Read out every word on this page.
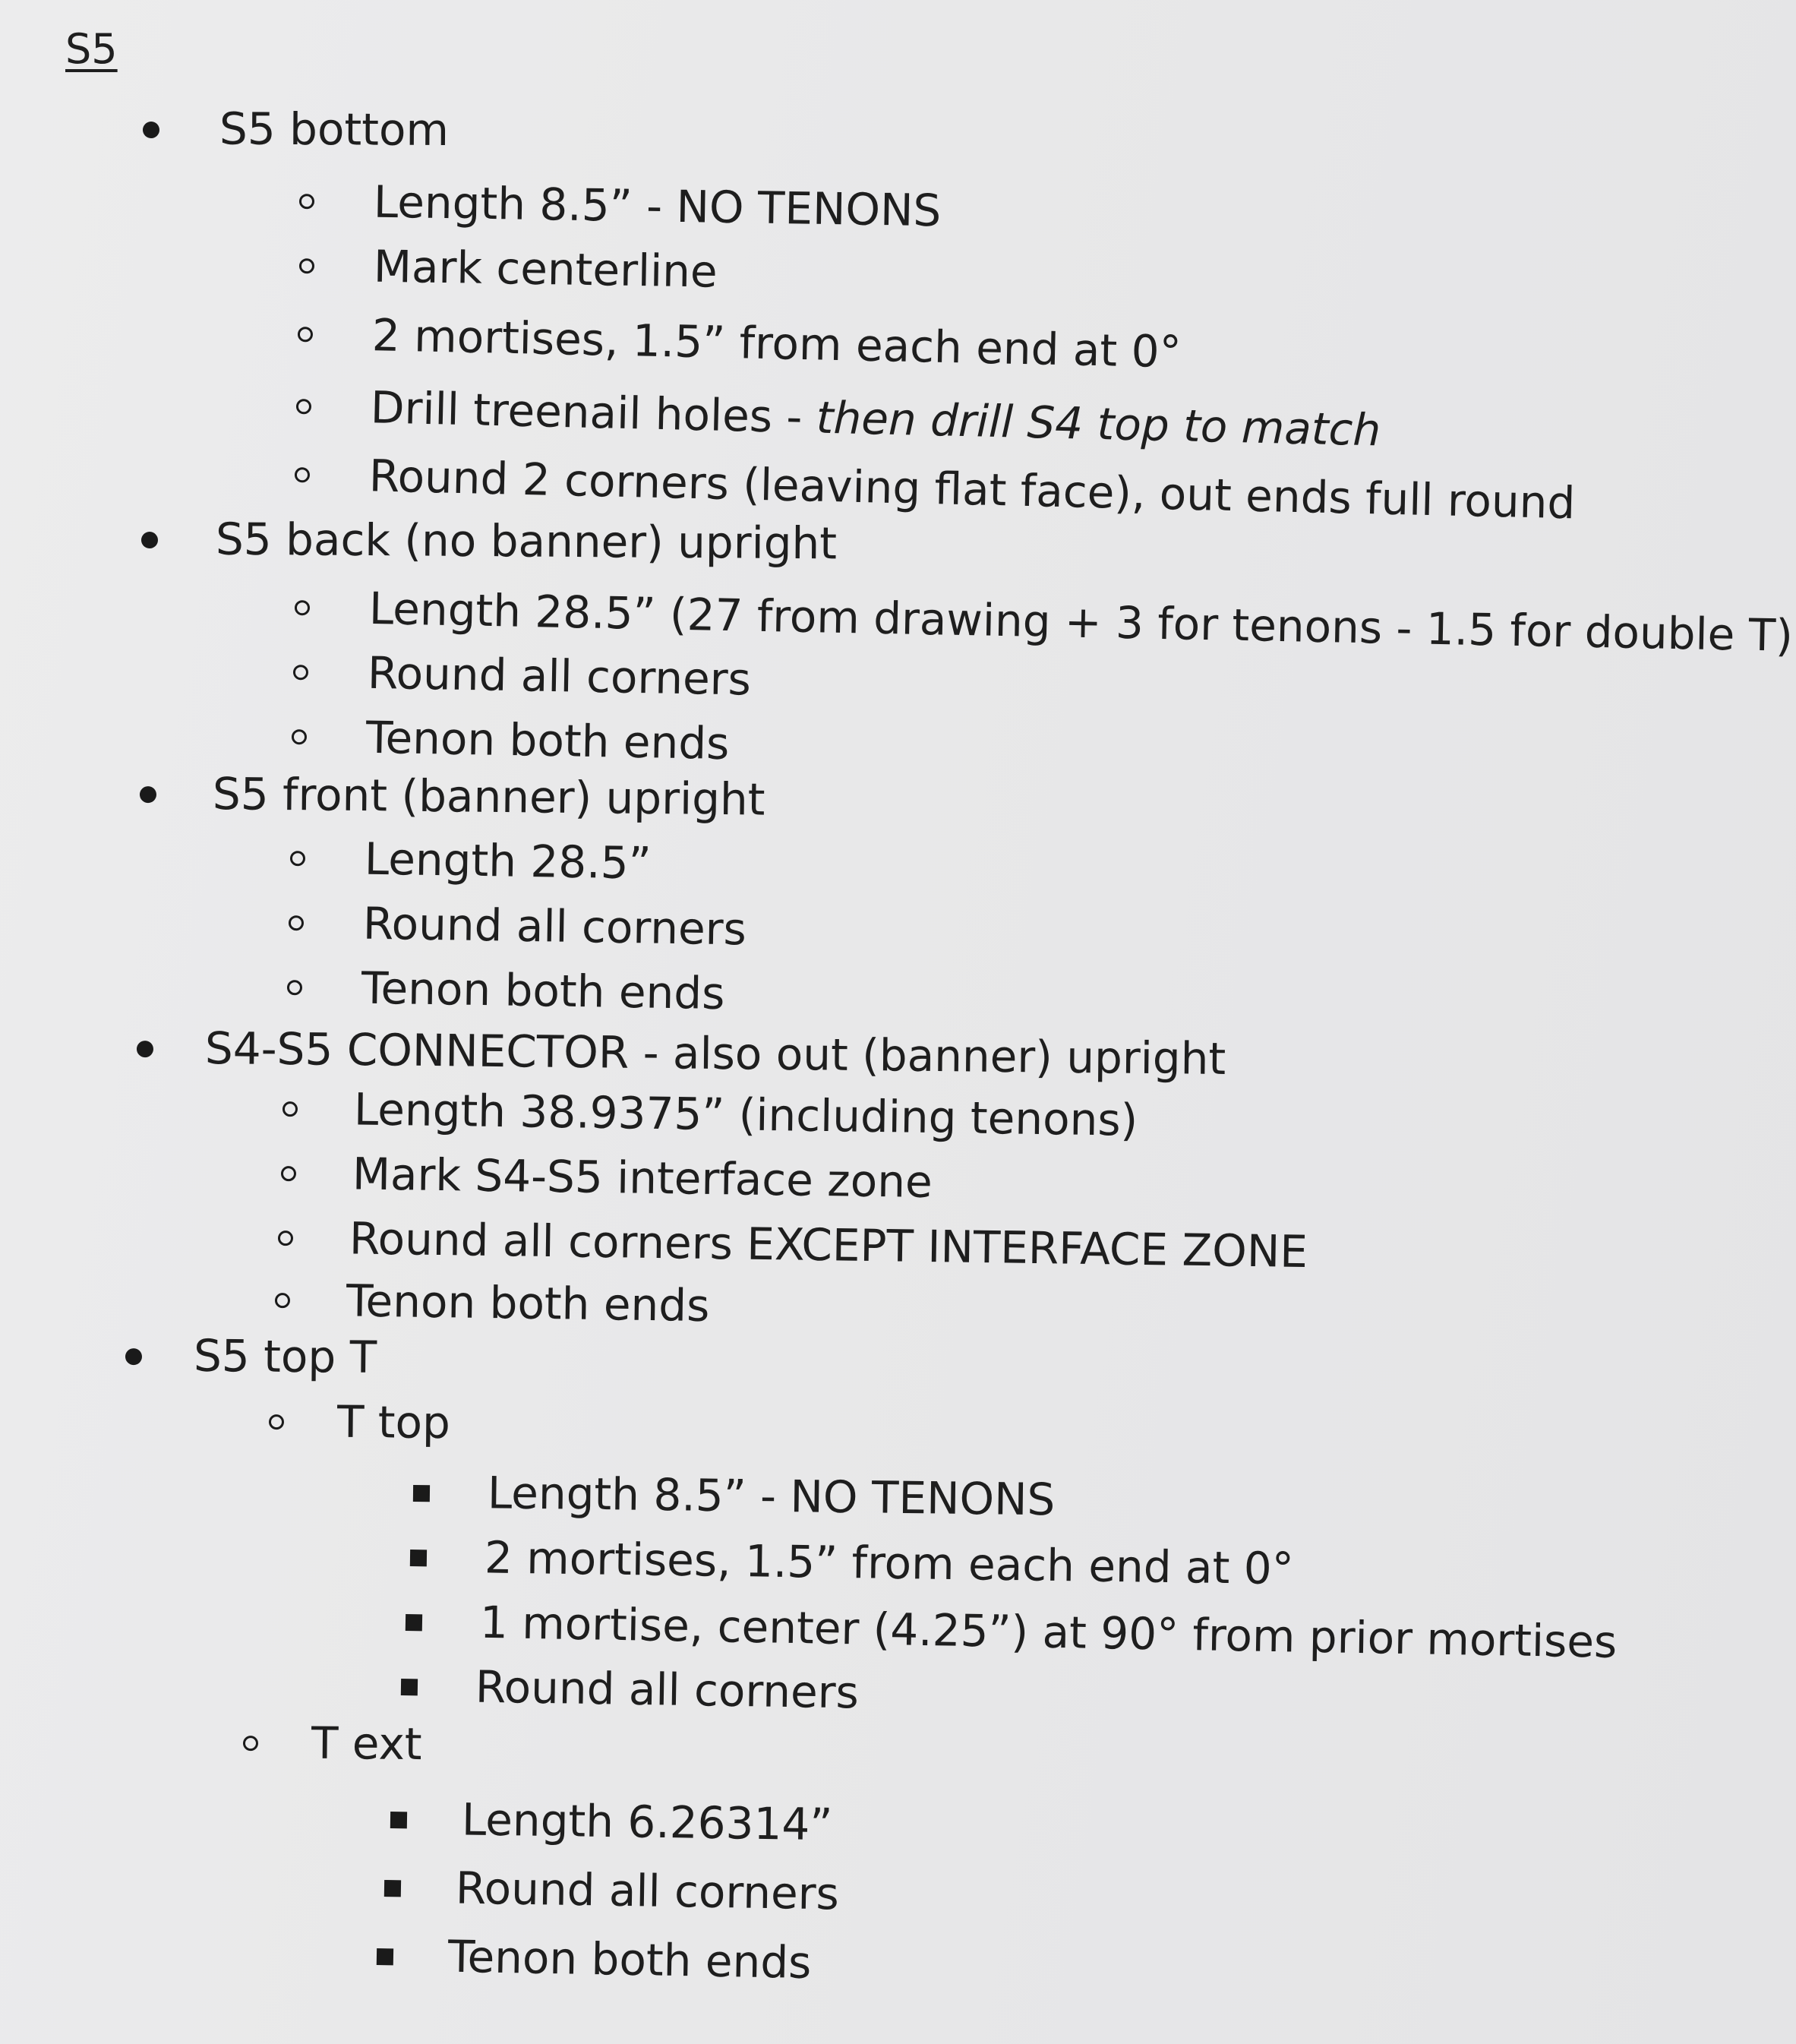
S5
S5 bottom
Length 8.5” - NO TENONS
Mark centerline
2 mortises, 1.5” from each end at 0°
Drill treenail holes - then drill S4 top to match
Round 2 corners (leaving flat face), out ends full round
S5 back (no banner) upright
Length 28.5” (27 from drawing + 3 for tenons - 1.5 for double T)
Round all corners
Tenon both ends
S5 front (banner) upright
Length 28.5”
Round all corners
Tenon both ends
S4-S5 CONNECTOR - also out (banner) upright
Length 38.9375” (including tenons)
Mark S4-S5 interface zone
Round all corners EXCEPT INTERFACE ZONE
Tenon both ends
S5 top T
T top
Length 8.5” - NO TENONS
2 mortises, 1.5” from each end at 0°
1 mortise, center (4.25”) at 90° from prior mortises
Round all corners
T ext
Length 6.26314”
Round all corners
Tenon both ends
